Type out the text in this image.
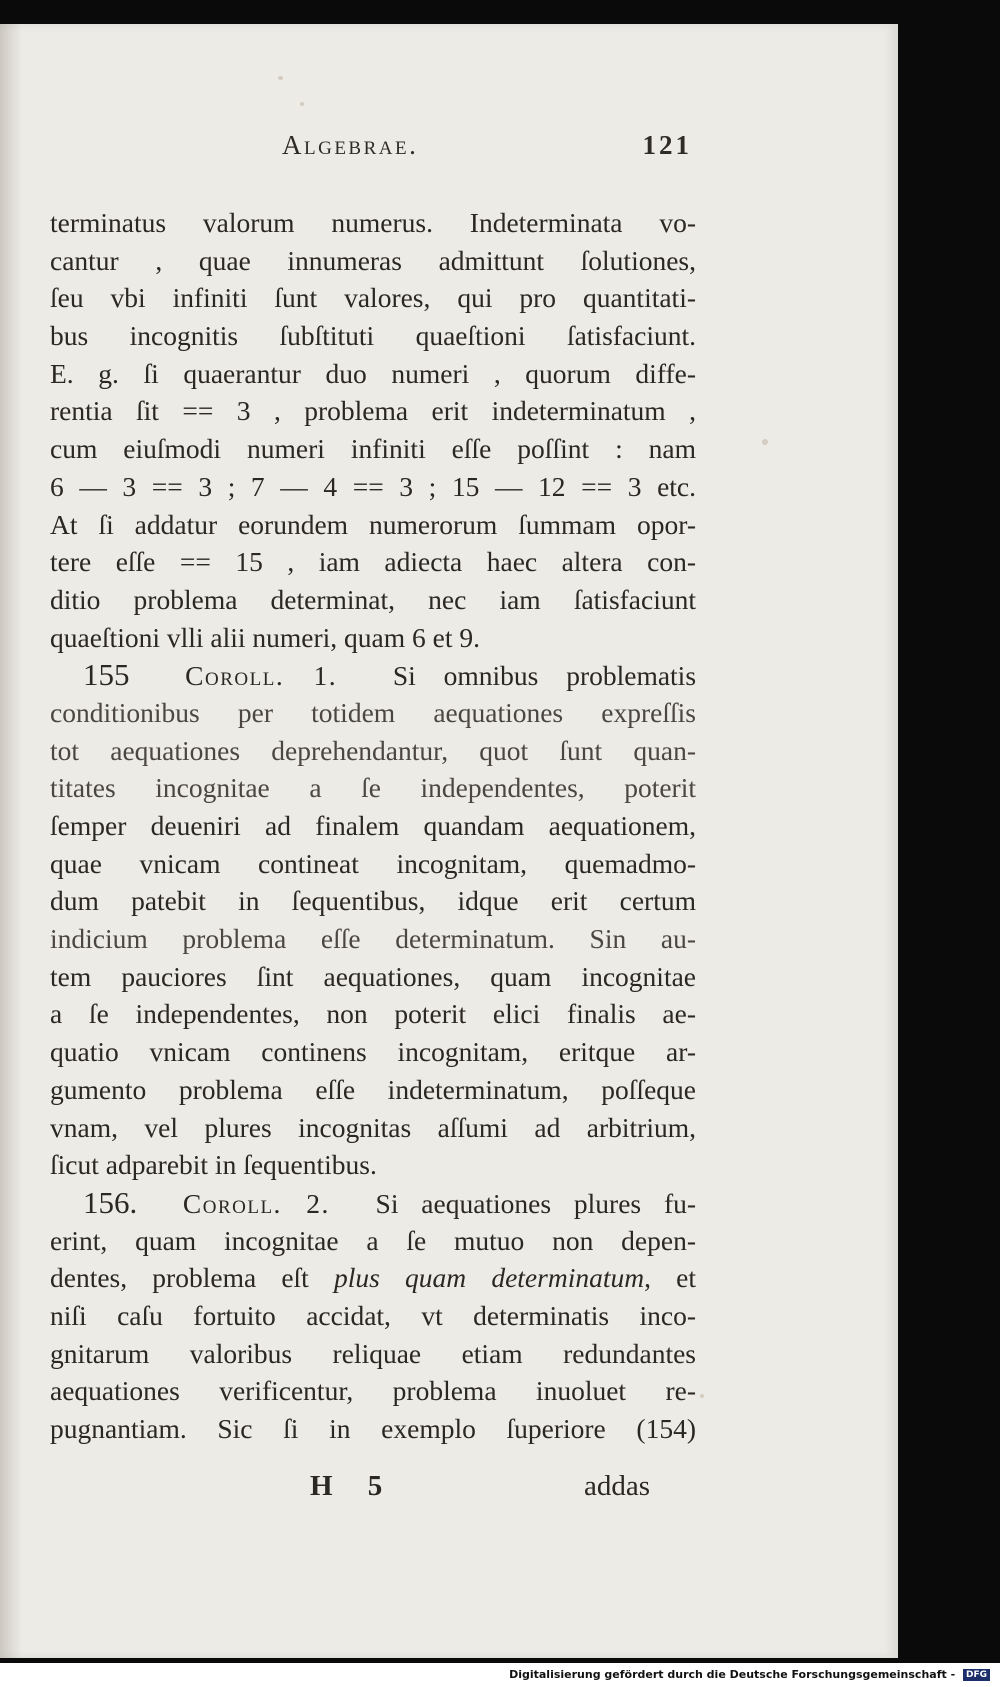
Algebrae.	121
terminatus valorum numerus. Indeterminata vo-
cantur , quae innumeras admittunt ſolutiones,
ſeu vbi infiniti ſunt valores, qui pro quantitati-
bus incognitis ſubſtituti quaeſtioni ſatisfaciunt.
E. g. ſi quaerantur duo numeri , quorum diffe-
rentia ſit == 3 , problema erit indeterminatum ,
cum eiuſmodi numeri infiniti eſſe poſſint : nam
6 — 3 == 3 ; 7 — 4 == 3 ; 15 — 12 == 3 etc.
At ſi addatur eorundem numerorum ſummam opor-
tere eſſe == 15 , iam adiecta haec altera con-
ditio problema determinat, nec iam ſatisfaciunt
quaeſtioni vlli alii numeri, quam 6 et 9.
155 Coroll. 1. Si omnibus problematis
conditionibus per totidem aequationes expreſſis
tot aequationes deprehendantur, quot ſunt quan-
titates incognitae a ſe independentes, poterit
ſemper deueniri ad finalem quandam aequationem,
quae vnicam contineat incognitam, quemadmo-
dum patebit in ſequentibus, idque erit certum
indicium problema eſſe determinatum. Sin au-
tem pauciores ſint aequationes, quam incognitae
a ſe independentes, non poterit elici finalis ae-
quatio vnicam continens incognitam, eritque ar-
gumento problema eſſe indeterminatum, poſſeque
vnam, vel plures incognitas aſſumi ad arbitrium,
ſicut adparebit in ſequentibus.
156. Coroll. 2. Si aequationes plures fu-
erint, quam incognitae a ſe mutuo non depen-
dentes, problema eſt plus quam determinatum, et
niſi caſu fortuito accidat, vt determinatis inco-
gnitarum valoribus reliquae etiam redundantes
aequationes verificentur, problema inuoluet re-
pugnantiam. Sic ſi in exemplo ſuperiore (154)
H 5	addas
Digitalisierung gefördert durch die Deutsche Forschungsgemeinschaft - DFG
